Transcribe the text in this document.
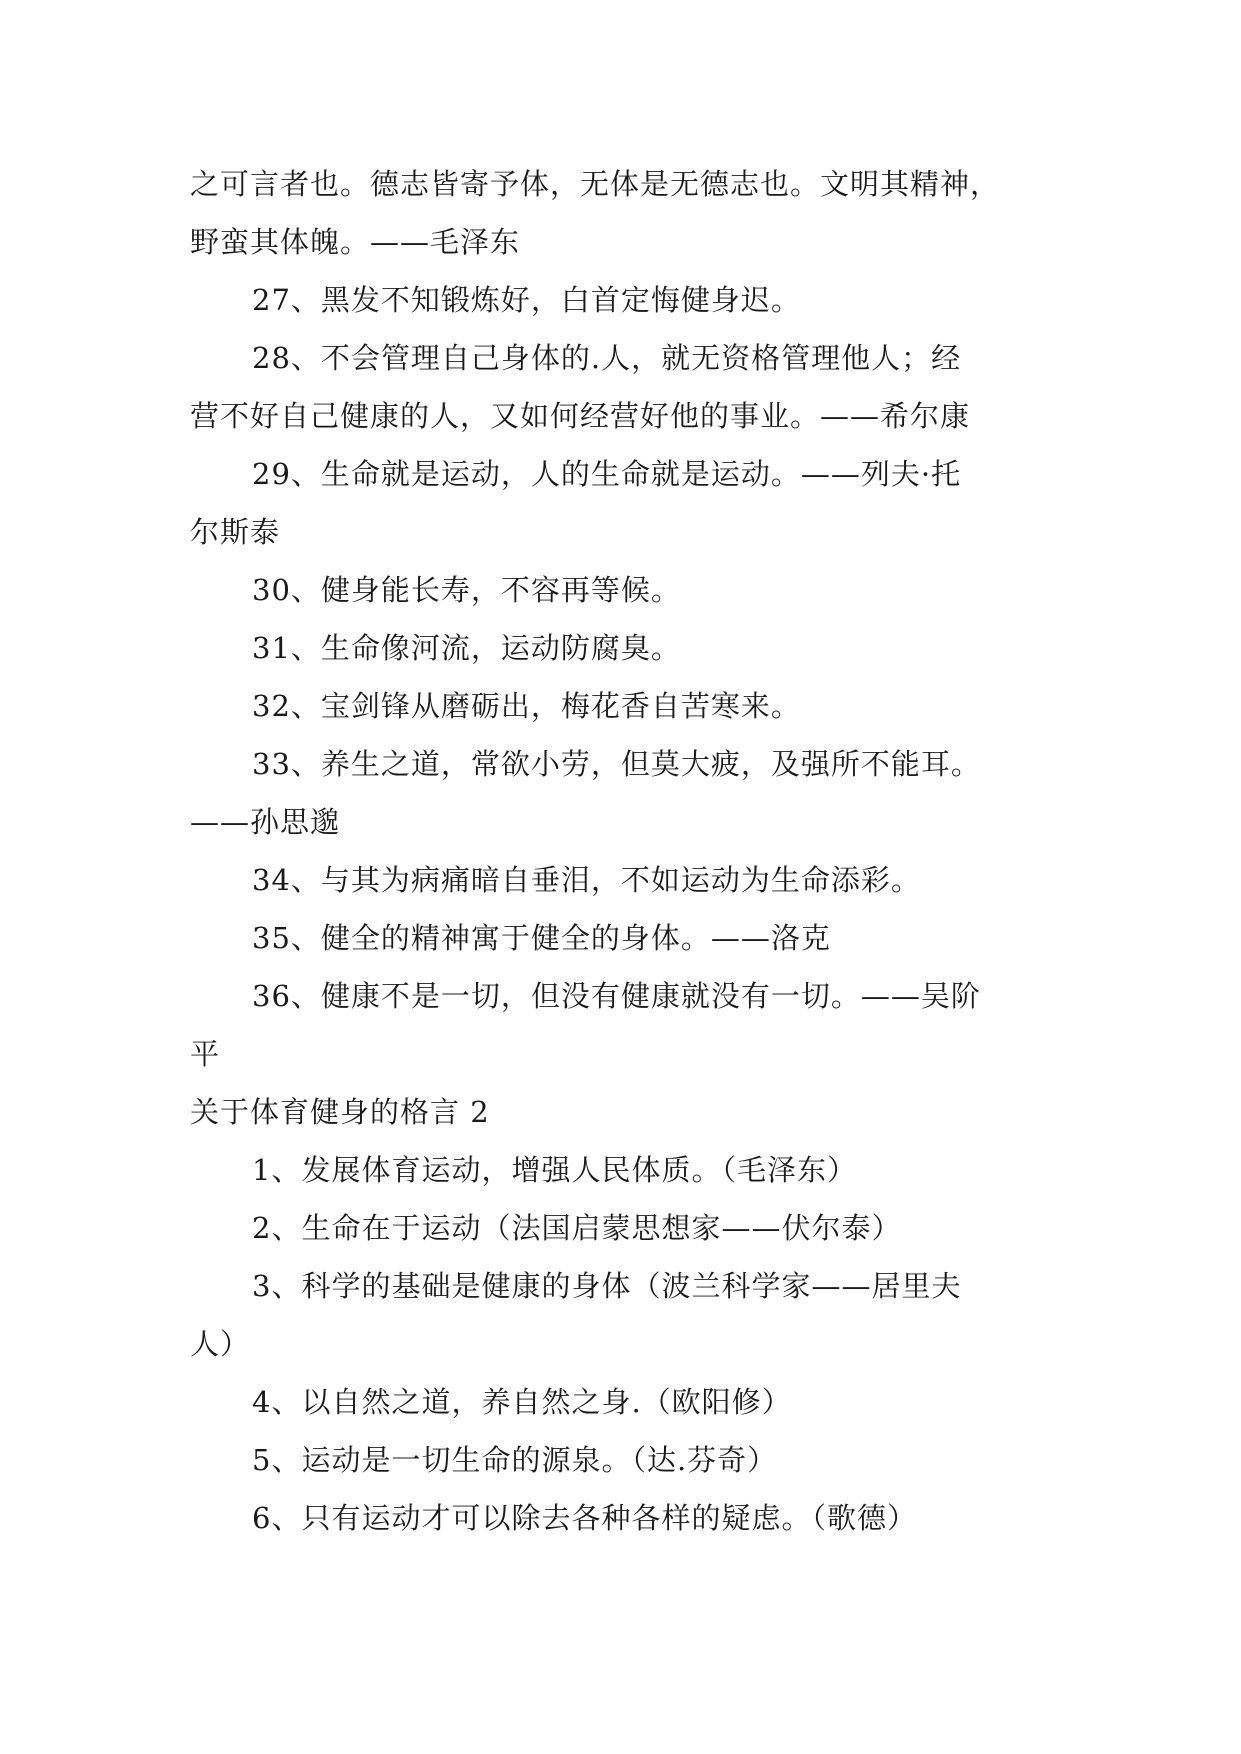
之可言者也。德志皆寄予体，无体是无德志也。文明其精神，
野蛮其体魄。——毛泽东
27、黑发不知锻炼好，白首定悔健身迟。
28、不会管理自己身体的.人，就无资格管理他人；经
营不好自己健康的人，又如何经营好他的事业。——希尔康
29、生命就是运动，人的生命就是运动。——列夫·托
尔斯泰
30、健身能长寿，不容再等候。
31、生命像河流，运动防腐臭。
32、宝剑锋从磨砺出，梅花香自苦寒来。
33、养生之道，常欲小劳，但莫大疲，及强所不能耳。
——孙思邈
34、与其为病痛暗自垂泪，不如运动为生命添彩。
35、健全的精神寓于健全的身体。——洛克
36、健康不是一切，但没有健康就没有一切。——吴阶
平
关于体育健身的格言 2
1、发展体育运动，增强人民体质。（毛泽东）
2、生命在于运动（法国启蒙思想家——伏尔泰）
3、科学的基础是健康的身体（波兰科学家——居里夫
人）
4、以自然之道，养自然之身.（欧阳修）
5、运动是一切生命的源泉。（达.芬奇）
6、只有运动才可以除去各种各样的疑虑。（歌德）
